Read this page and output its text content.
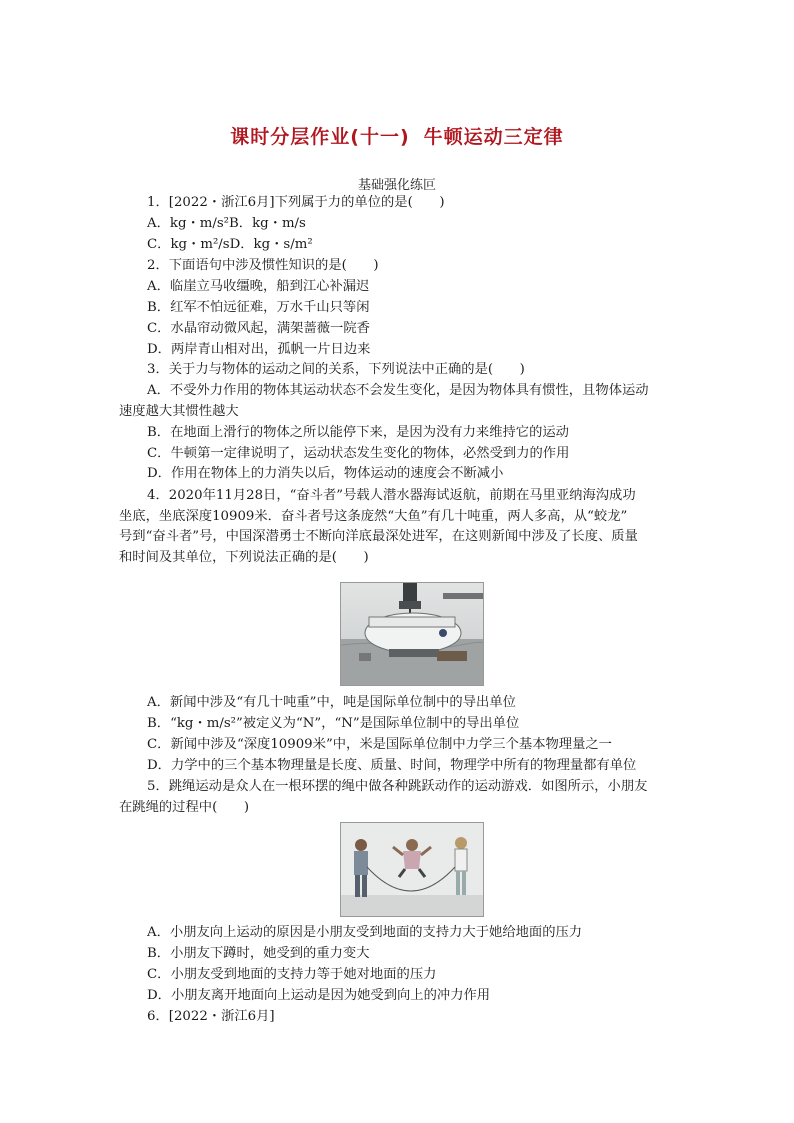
课时分层作业(十一) 牛顿运动三定律
基础强化练叵
1．[2022・浙江6月]下列属于力的单位的是(　　)
A．kg・m/s²B．kg・m/s
C．kg・m²/sD．kg・s/m²
2．下面语句中涉及惯性知识的是(　　)
A．临崖立马收缰晚，船到江心补漏迟
B．红军不怕远征难，万水千山只等闲
C．水晶帘动微风起，满架蔷薇一院香
D．两岸青山相对出，孤帆一片日边来
3．关于力与物体的运动之间的关系，下列说法中正确的是(　　)
A．不受外力作用的物体其运动状态不会发生变化，是因为物体具有惯性，且物体运动
速度越大其惯性越大
B．在地面上滑行的物体之所以能停下来，是因为没有力来维持它的运动
C．牛顿第一定律说明了，运动状态发生变化的物体，必然受到力的作用
D．作用在物体上的力消失以后，物体运动的速度会不断减小
4．2020年11月28日，“奋斗者”号载人潜水器海试返航，前期在马里亚纳海沟成功
坐底，坐底深度10909米．奋斗者号这条庞然“大鱼”有几十吨重，两人多高，从“蛟龙”
号到“奋斗者”号，中国深潜勇士不断向洋底最深处进军，在这则新闻中涉及了长度、质量
和时间及其单位，下列说法正确的是(　　)
A．新闻中涉及“有几十吨重”中，吨是国际单位制中的导出单位
B．“kg・m/s²”被定义为“N”，“N”是国际单位制中的导出单位
C．新闻中涉及“深度10909米”中，米是国际单位制中力学三个基本物理量之一
D．力学中的三个基本物理量是长度、质量、时间，物理学中所有的物理量都有单位
5．跳绳运动是众人在一根环摆的绳中做各种跳跃动作的运动游戏．如图所示，小朋友
在跳绳的过程中(　　)
A．小朋友向上运动的原因是小朋友受到地面的支持力大于她给地面的压力
B．小朋友下蹲时，她受到的重力变大
C．小朋友受到地面的支持力等于她对地面的压力
D．小朋友离开地面向上运动是因为她受到向上的冲力作用
6．[2022・浙江6月]
